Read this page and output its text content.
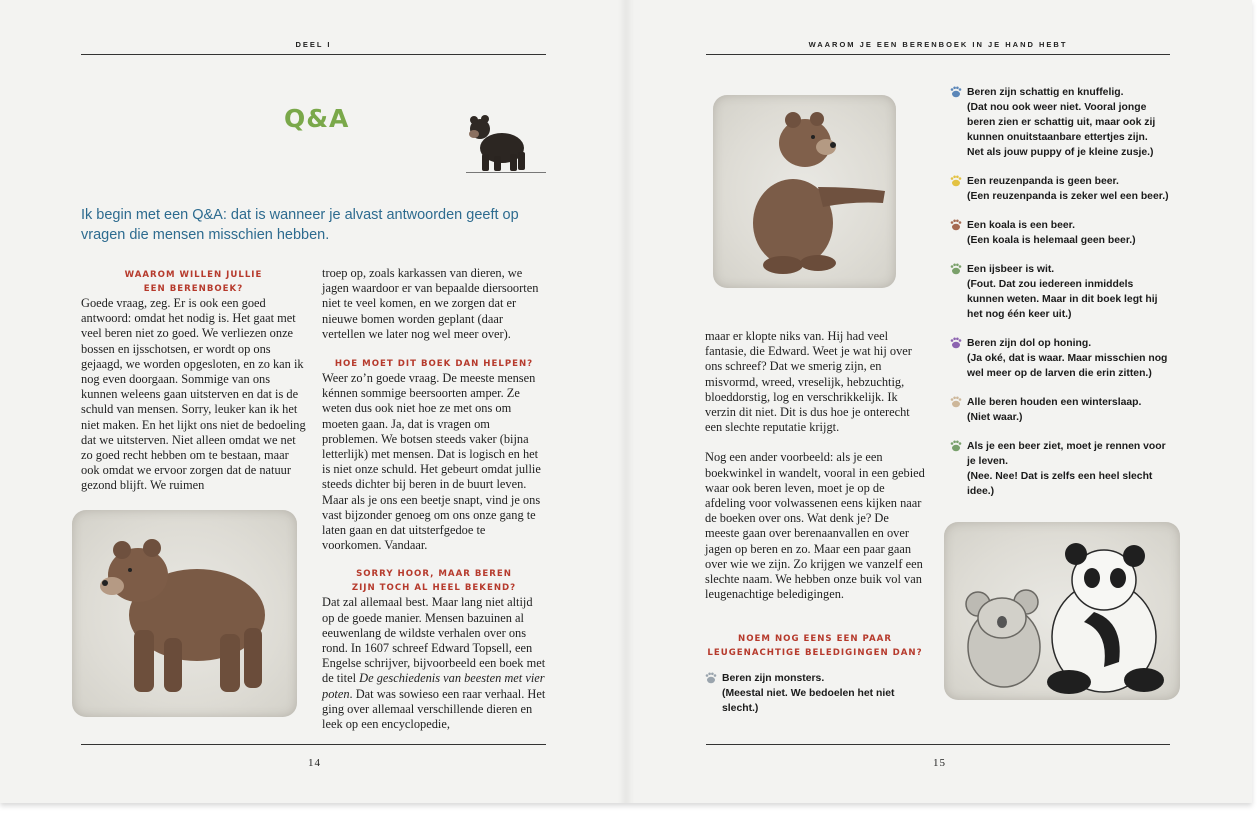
DEEL I
Q&A
Ik begin met een Q&A: dat is wanneer je alvast antwoorden geeft op vragen die mensen misschien hebben.
WAAROM WILLEN JULLIE
EEN BERENBOEK?

Goede vraag, zeg. Er is ook een goed antwoord: omdat het nodig is. Het gaat met veel beren niet zo goed. We verliezen onze bossen en ijsschotsen, er wordt op ons gejaagd, we worden opgesloten, en zo kan ik nog even doorgaan. Sommige van ons kunnen weleens gaan uitsterven en dat is de schuld van mensen. Sorry, leuker kan ik het niet maken. En het lijkt ons niet de bedoeling dat we uitsterven. Niet alleen omdat we net zo goed recht hebben om te bestaan, maar ook omdat we ervoor zorgen dat de natuur gezond blijft. We ruimen

troep op, zoals karkassen van dieren, we jagen waardoor er van bepaalde diersoorten niet te veel komen, en we zorgen dat er nieuwe bomen worden geplant (daar vertellen we later nog wel meer over).

HOE MOET DIT BOEK DAN HELPEN?

Weer zo’n goede vraag. De meeste mensen kénnen sommige beersoorten amper. Ze weten dus ook niet hoe ze met ons om moeten gaan. Ja, dat is vragen om problemen. We botsen steeds vaker (bijna letterlijk) met mensen. Dat is logisch en het is niet onze schuld. Het gebeurt omdat jullie steeds dichter bij beren in de buurt leven. Maar als je ons een beetje snapt, vind je ons vast bijzonder genoeg om ons onze gang te laten gaan en dat uitsterfgedoe te voorkomen. Vandaar.

SORRY HOOR, MAAR BEREN
ZIJN TOCH AL HEEL BEKEND?

Dat zal allemaal best. Maar lang niet altijd op de goede manier. Mensen bazuinen al eeuwenlang de wildste verhalen over ons rond. In 1607 schreef Edward Topsell, een Engelse schrijver, bijvoorbeeld een boek met de titel De geschiedenis van beesten met vier poten. Dat was sowieso een raar verhaal. Het ging over allemaal verschillende dieren en leek op een encyclopedie,

14
WAAROM JE EEN BERENBOEK IN JE HAND HEBT

maar er klopte niks van. Hij had veel fantasie, die Edward. Weet je wat hij over ons schreef? Dat we smerig zijn, en misvormd, wreed, vreselijk, hebzuchtig, bloeddorstig, log en verschrikkelijk. Ik verzin dit niet. Dit is dus hoe je onterecht een slechte reputatie krijgt.

Nog een ander voorbeeld: als je een boekwinkel in wandelt, vooral in een gebied waar ook beren leven, moet je op de afdeling voor volwassenen eens kijken naar de boeken over ons. Wat denk je? De meeste gaan over berenaanvallen en over jagen op beren en zo. Maar een paar gaan over wie we zijn. Zo krijgen we vanzelf een slechte naam. We hebben onze buik vol van leugenachtige beledigingen.

NOEM NOG EENS EEN PAAR
LEUGENACHTIGE BELEDIGINGEN DAN?
Beren zijn monsters.
(Meestal niet. We bedoelen het niet
slecht.)
Beren zijn schattig en knuffelig.
(Dat nou ook weer niet. Vooral jonge
beren zien er schattig uit, maar ook zij
kunnen onuitstaanbare ettertjes zijn.
Net als jouw puppy of je kleine zusje.)
Een reuzenpanda is geen beer.
(Een reuzenpanda is zeker wel een beer.)
Een koala is een beer.
(Een koala is helemaal geen beer.)
Een ijsbeer is wit.
(Fout. Dat zou iedereen inmiddels
kunnen weten. Maar in dit boek legt hij
het nog één keer uit.)
Beren zijn dol op honing.
(Ja oké, dat is waar. Maar misschien nog
wel meer op de larven die erin zitten.)
Alle beren houden een winterslaap.
(Niet waar.)
Als je een beer ziet, moet je rennen voor
je leven.
(Nee. Nee! Dat is zelfs een heel slecht
idee.)
15
